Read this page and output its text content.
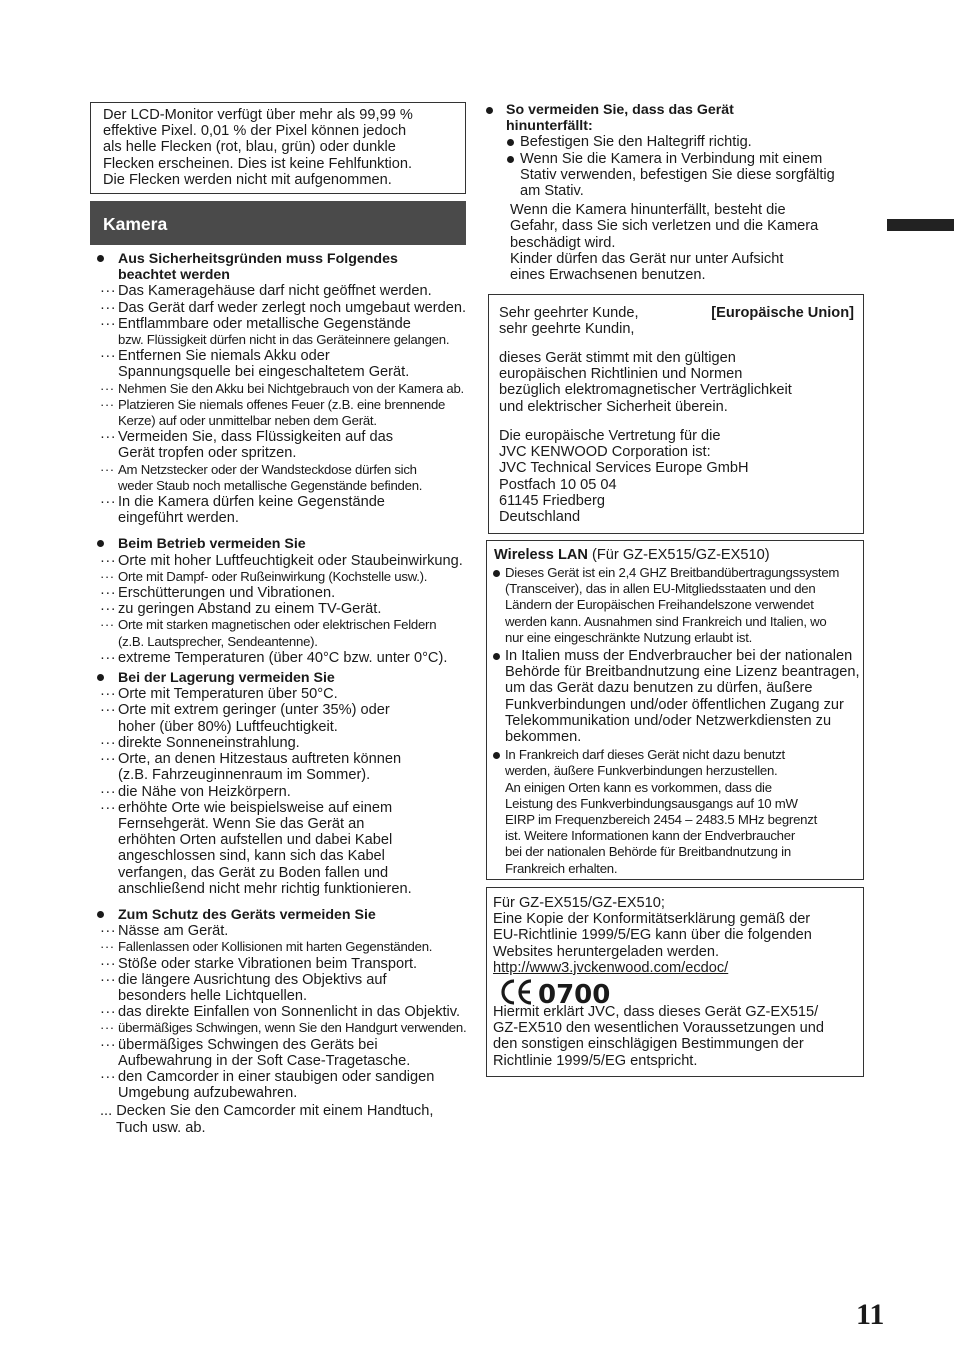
Der LCD-Monitor verfügt über mehr als 99,99 %
effektive Pixel. 0,01 % der Pixel können jedoch
als helle Flecken (rot, blau, grün) oder dunkle
Flecken erscheinen. Dies ist keine Fehlfunktion.
Die Flecken werden nicht mit aufgenommen.
Kamera
Aus Sicherheitsgründen muss Folgendes
beachtet werden
··· Das Kameragehäuse darf nicht geöffnet werden.
··· Das Gerät darf weder zerlegt noch umgebaut werden.
··· Entflammbare oder metallische Gegenstände
bzw. Flüssigkeit dürfen nicht in das Geräteinnere gelangen.
··· Entfernen Sie niemals Akku oder
Spannungsquelle bei eingeschaltetem Gerät.
··· Nehmen Sie den Akku bei Nichtgebrauch von der Kamera ab.
··· Platzieren Sie niemals offenes Feuer (z.B. eine brennende
Kerze) auf oder unmittelbar neben dem Gerät.
··· Vermeiden Sie, dass Flüssigkeiten auf das
Gerät tropfen oder spritzen.
··· Am Netzstecker oder der Wandsteckdose dürfen sich
weder Staub noch metallische Gegenstände befinden.
··· In die Kamera dürfen keine Gegenstände
eingeführt werden.
Beim Betrieb vermeiden Sie
··· Orte mit hoher Luftfeuchtigkeit oder Staubeinwirkung.
··· Orte mit Dampf- oder Rußeinwirkung (Kochstelle usw.).
··· Erschütterungen und Vibrationen.
··· zu geringen Abstand zu einem TV-Gerät.
··· Orte mit starken magnetischen oder elektrischen Feldern
(z.B. Lautsprecher, Sendeantenne).
··· extreme Temperaturen (über 40°C bzw. unter 0°C).
Bei der Lagerung vermeiden Sie
··· Orte mit Temperaturen über 50°C.
··· Orte mit extrem geringer (unter 35%) oder
hoher (über 80%) Luftfeuchtigkeit.
··· direkte Sonneneinstrahlung.
··· Orte, an denen Hitzestaus auftreten können
(z.B. Fahrzeuginnenraum im Sommer).
··· die Nähe von Heizkörpern.
··· erhöhte Orte wie beispielsweise auf einem
Fernsehgerät. Wenn Sie das Gerät an
erhöhten Orten aufstellen und dabei Kabel
angeschlossen sind, kann sich das Kabel
verfangen, das Gerät zu Boden fallen und
anschließend nicht mehr richtig funktionieren.
Zum Schutz des Geräts vermeiden Sie
··· Nässe am Gerät.
··· Fallenlassen oder Kollisionen mit harten Gegenständen.
··· Stöße oder starke Vibrationen beim Transport.
··· die längere Ausrichtung des Objektivs auf
besonders helle Lichtquellen.
··· das direkte Einfallen von Sonnenlicht in das Objektiv.
··· übermäßiges Schwingen, wenn Sie den Handgurt verwenden.
··· übermäßiges Schwingen des Geräts bei
Aufbewahrung in der Soft Case-Tragetasche.
··· den Camcorder in einer staubigen oder sandigen
Umgebung aufzubewahren.
... Decken Sie den Camcorder mit einem Handtuch,
Tuch usw. ab.
So vermeiden Sie, dass das Gerät
hinunterfällt:
Befestigen Sie den Haltegriff richtig.
Wenn Sie die Kamera in Verbindung mit einem
Stativ verwenden, befestigen Sie diese sorgfältig
am Stativ.
Wenn die Kamera hinunterfällt, besteht die
Gefahr, dass Sie sich verletzen und die Kamera
beschädigt wird.
Kinder dürfen das Gerät nur unter Aufsicht
eines Erwachsenen benutzen.
Sehr geehrter Kunde,
sehr geehrte Kundin,
[Europäische Union]
dieses Gerät stimmt mit den gültigen
europäischen Richtlinien und Normen
bezüglich elektromagnetischer Verträglichkeit
und elektrischer Sicherheit überein.
Die europäische Vertretung für die
JVC KENWOOD Corporation ist:
JVC Technical Services Europe GmbH
Postfach 10 05 04
61145 Friedberg
Deutschland
Wireless LAN (Für GZ-EX515/GZ-EX510)
Dieses Gerät ist ein 2,4 GHZ Breitbandübertragungssystem
(Transceiver), das in allen EU-Mitgliedsstaaten und den
Ländern der Europäischen Freihandelszone verwendet
werden kann. Ausnahmen sind Frankreich und Italien, wo
nur eine eingeschränkte Nutzung erlaubt ist.
In Italien muss der Endverbraucher bei der nationalen
Behörde für Breitbandnutzung eine Lizenz beantragen,
um das Gerät dazu benutzen zu dürfen, äußere
Funkverbindungen und/oder öffentlichen Zugang zur
Telekommunikation und/oder Netzwerkdiensten zu
bekommen.
In Frankreich darf dieses Gerät nicht dazu benutzt
werden, äußere Funkverbindungen herzustellen.
An einigen Orten kann es vorkommen, dass die
Leistung des Funkverbindungsausgangs auf 10 mW
EIRP im Frequenzbereich 2454 – 2483.5 MHz begrenzt
ist. Weitere Informationen kann der Endverbraucher
bei der nationalen Behörde für Breitbandnutzung in
Frankreich erhalten.
Für GZ-EX515/GZ-EX510;
Eine Kopie der Konformitätserklärung gemäß der
EU-Richtlinie 1999/5/EG kann über die folgenden
Websites heruntergeladen werden.
http://www3.jvckenwood.com/ecdoc/
0700
Hiermit erklärt JVC, dass dieses Gerät GZ-EX515/
GZ-EX510 den wesentlichen Voraussetzungen und
den sonstigen einschlägigen Bestimmungen der
Richtlinie 1999/5/EG entspricht.
11
